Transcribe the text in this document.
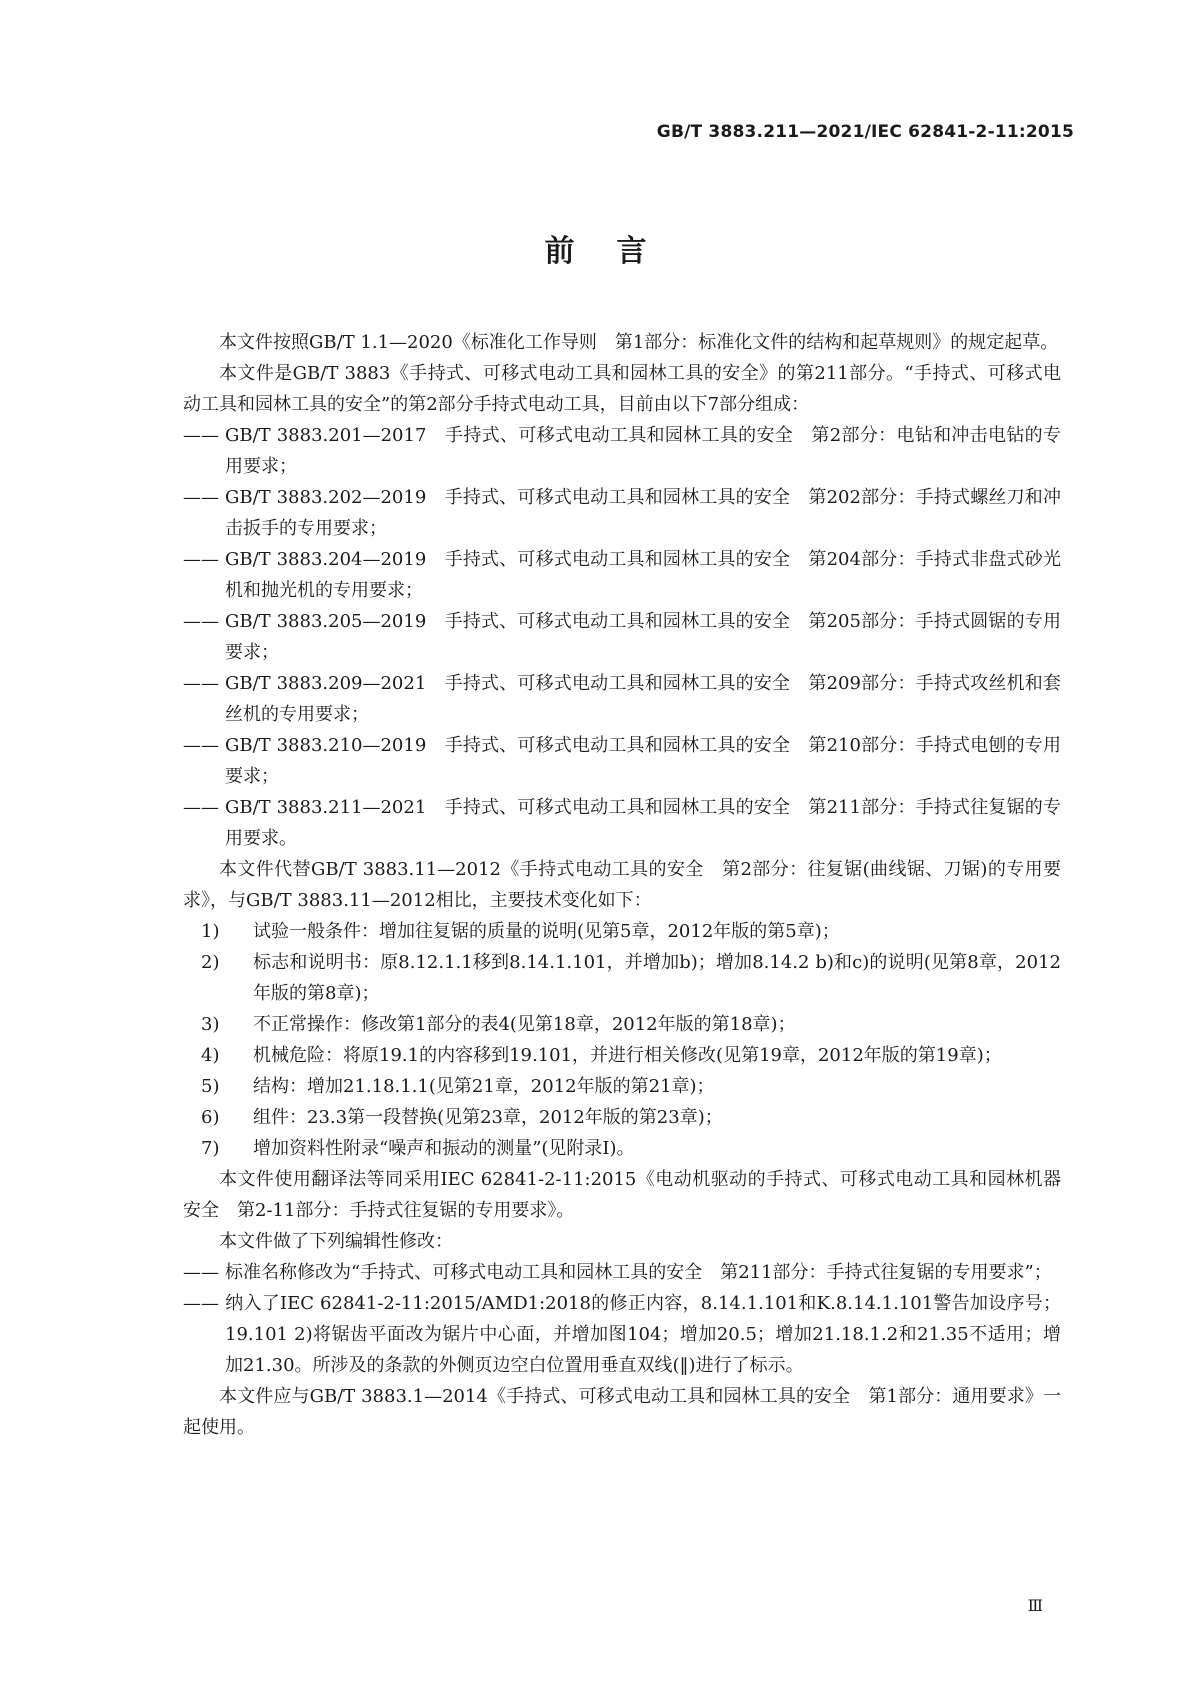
GB/T 3883.211—2021/IEC 62841-2-11:2015
前言

本文件按照GB/T 1.1—2020《标准化工作导则　第1部分：标准化文件的结构和起草规则》的规定起草。

本文件是GB/T 3883《手持式、可移式电动工具和园林工具的安全》的第211部分。“手持式、可移式电动工具和园林工具的安全”的第2部分手持式电动工具，目前由以下7部分组成：

—— GB/T 3883.201—2017　手持式、可移式电动工具和园林工具的安全　第2部分：电钻和冲击电钻的专用要求；

—— GB/T 3883.202—2019　手持式、可移式电动工具和园林工具的安全　第202部分：手持式螺丝刀和冲击扳手的专用要求；

—— GB/T 3883.204—2019　手持式、可移式电动工具和园林工具的安全　第204部分：手持式非盘式砂光机和抛光机的专用要求；

—— GB/T 3883.205—2019　手持式、可移式电动工具和园林工具的安全　第205部分：手持式圆锯的专用要求；

—— GB/T 3883.209—2021　手持式、可移式电动工具和园林工具的安全　第209部分：手持式攻丝机和套丝机的专用要求；

—— GB/T 3883.210—2019　手持式、可移式电动工具和园林工具的安全　第210部分：手持式电刨的专用要求；

—— GB/T 3883.211—2021　手持式、可移式电动工具和园林工具的安全　第211部分：手持式往复锯的专用要求。

本文件代替GB/T 3883.11—2012《手持式电动工具的安全　第2部分：往复锯(曲线锯、刀锯)的专用要求》，与GB/T 3883.11—2012相比，主要技术变化如下：

1) 试验一般条件：增加往复锯的质量的说明(见第5章，2012年版的第5章)；

2) 标志和说明书：原8.12.1.1移到8.14.1.101，并增加b)；增加8.14.2 b)和c)的说明(见第8章，2012年版的第8章)；

3) 不正常操作：修改第1部分的表4(见第18章，2012年版的第18章)；

4) 机械危险：将原19.1的内容移到19.101，并进行相关修改(见第19章，2012年版的第19章)；

5) 结构：增加21.18.1.1(见第21章，2012年版的第21章)；

6) 组件：23.3第一段替换(见第23章，2012年版的第23章)；

7) 增加资料性附录“噪声和振动的测量”(见附录I)。

本文件使用翻译法等同采用IEC 62841-2-11:2015《电动机驱动的手持式、可移式电动工具和园林机器　安全　第2-11部分：手持式往复锯的专用要求》。

本文件做了下列编辑性修改：

—— 标准名称修改为“手持式、可移式电动工具和园林工具的安全　第211部分：手持式往复锯的专用要求”；

—— 纳入了IEC 62841-2-11:2015/AMD1:2018的修正内容，8.14.1.101和K.8.14.1.101警告加设序号；19.101 2)将锯齿平面改为锯片中心面，并增加图104；增加20.5；增加21.18.1.2和21.35不适用；增加21.30。所涉及的条款的外侧页边空白位置用垂直双线(‖)进行了标示。

本文件应与GB/T 3883.1—2014《手持式、可移式电动工具和园林工具的安全　第1部分：通用要求》一起使用。

Ⅲ
